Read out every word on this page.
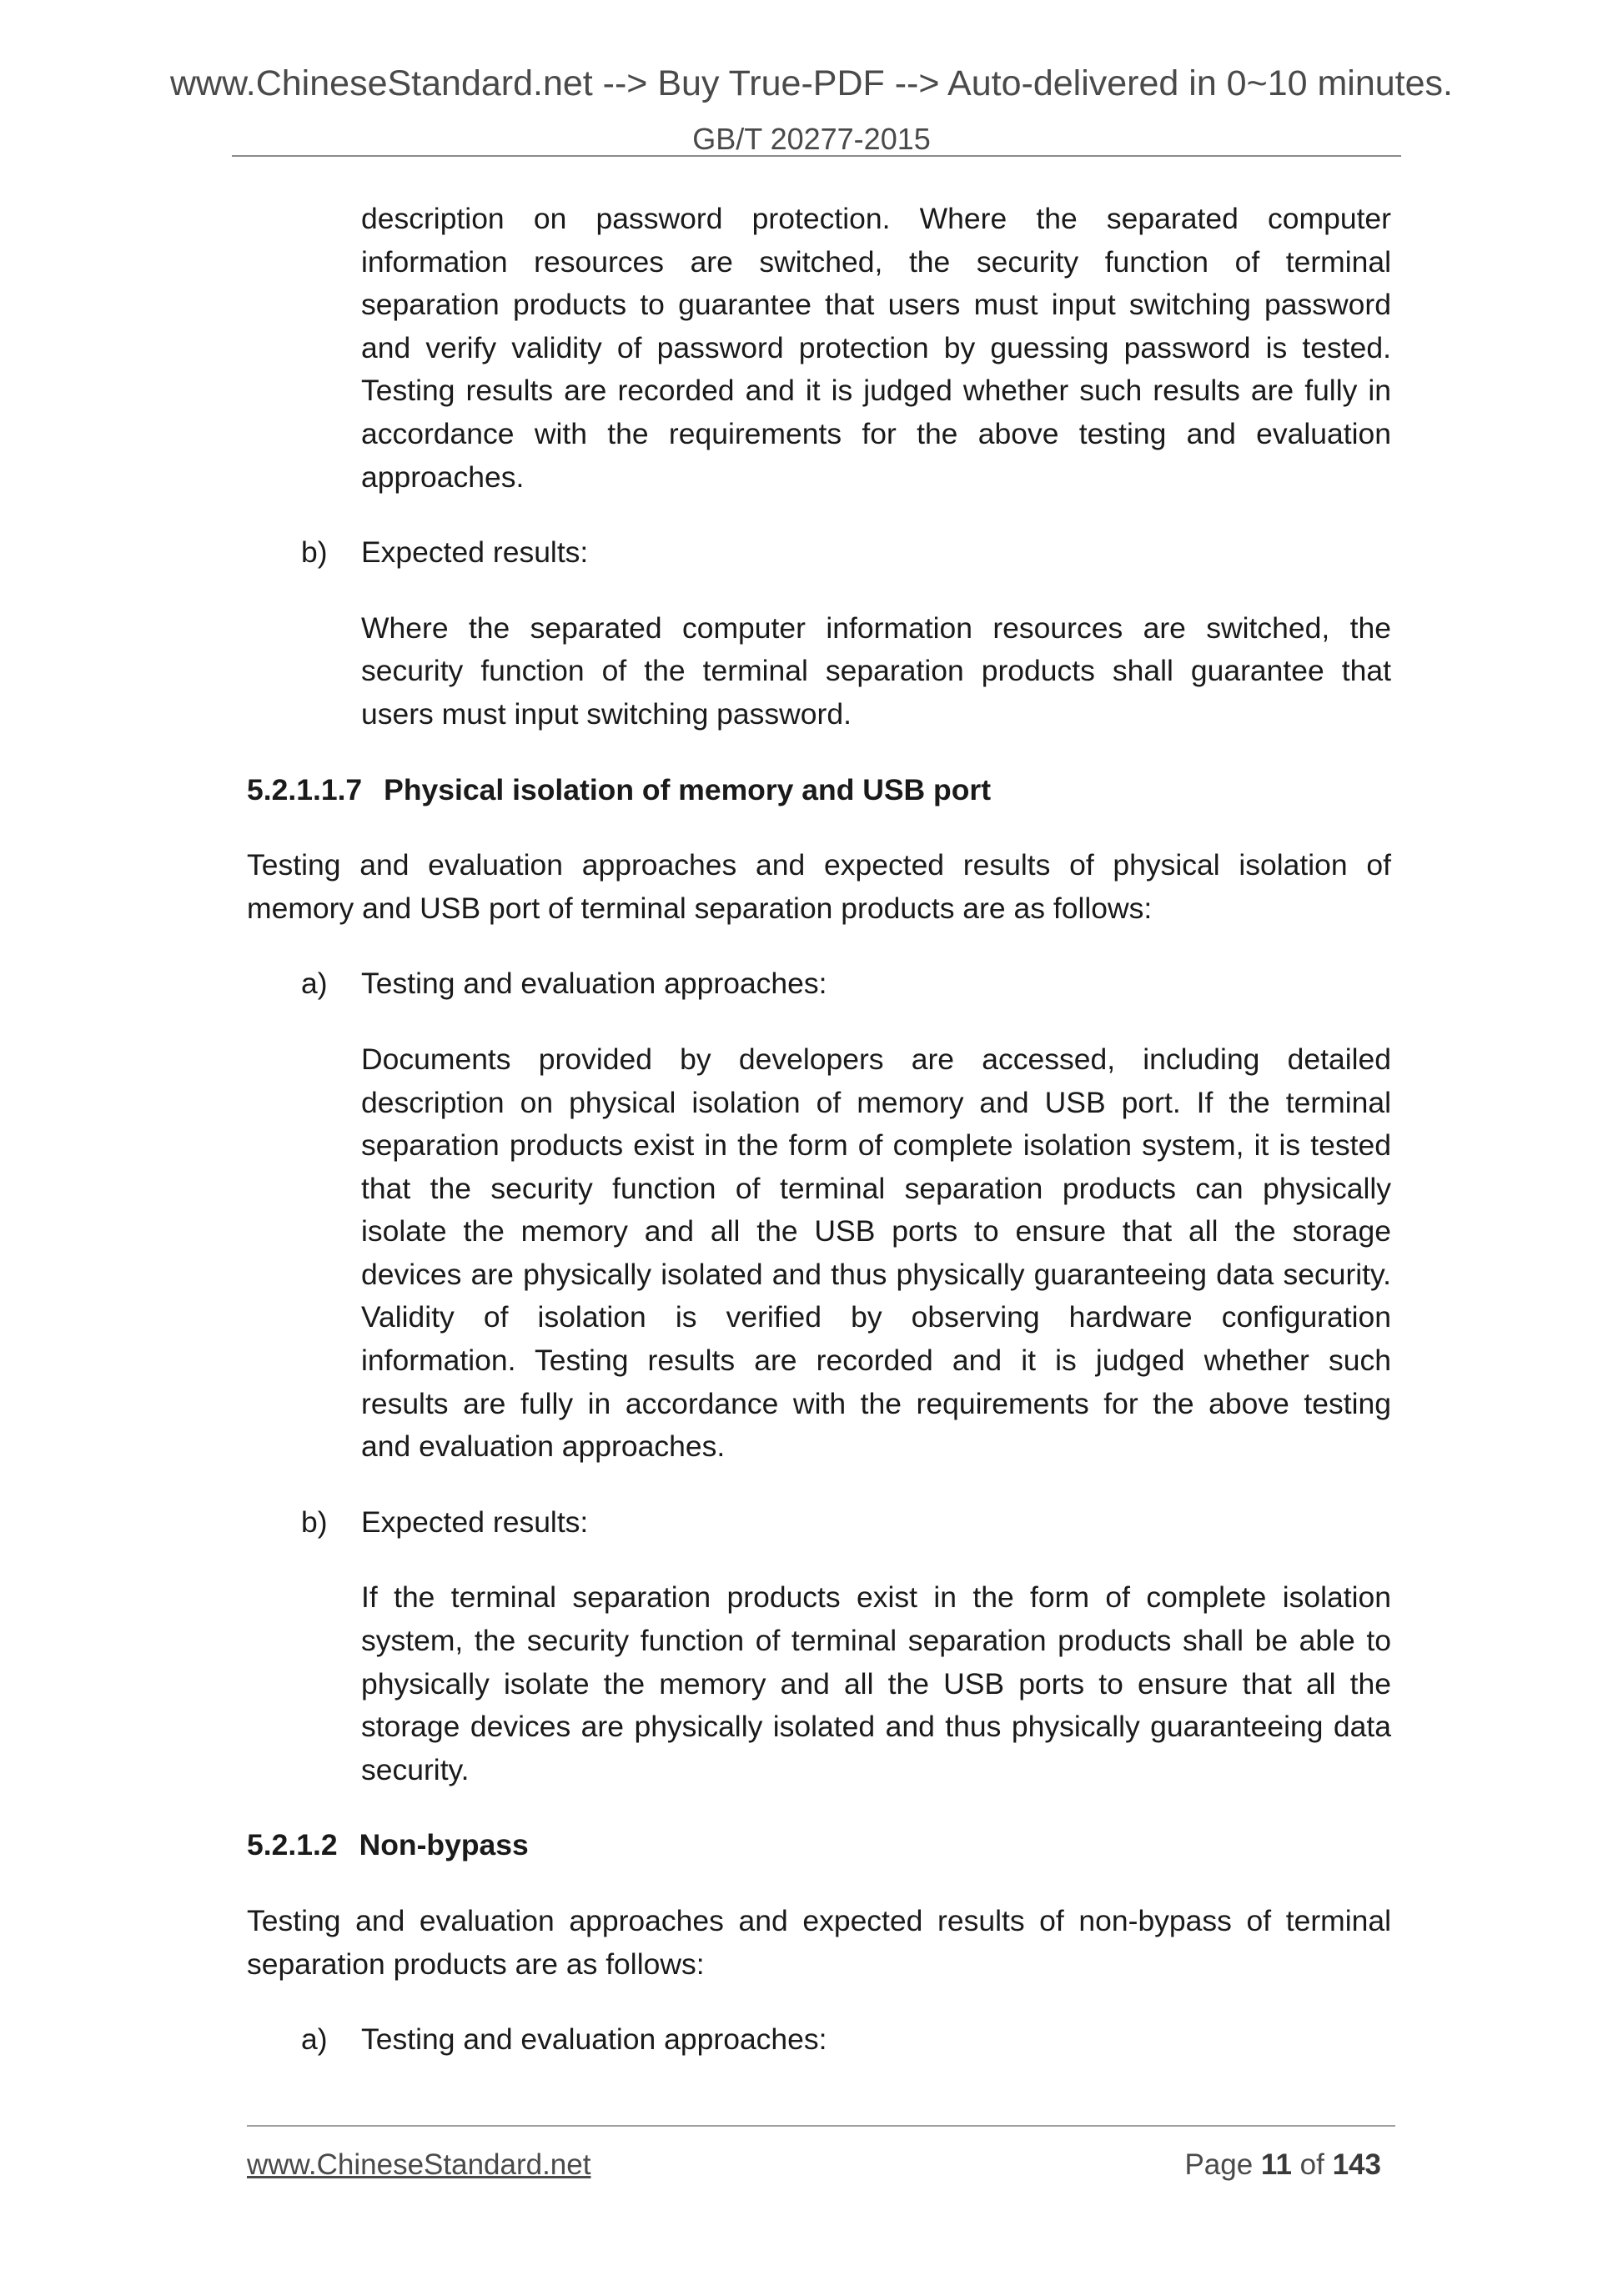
www.ChineseStandard.net --> Buy True-PDF --> Auto-delivered in 0~10 minutes.
GB/T 20277-2015

description on password protection. Where the separated computer

information resources are switched, the security function of terminal

separation products to guarantee that users must input switching password

and verify validity of password protection by guessing password is tested.

Testing results are recorded and it is judged whether such results are fully in

accordance with the requirements for the above testing and evaluation

approaches.

b) Expected results:

Where the separated computer information resources are switched, the

security function of the terminal separation products shall guarantee that

users must input switching password.

5.2.1.1.7 Physical isolation of memory and USB port

Testing and evaluation approaches and expected results of physical isolation of

memory and USB port of terminal separation products are as follows:

a) Testing and evaluation approaches:

Documents provided by developers are accessed, including detailed

description on physical isolation of memory and USB port. If the terminal

separation products exist in the form of complete isolation system, it is tested

that the security function of terminal separation products can physically

isolate the memory and all the USB ports to ensure that all the storage

devices are physically isolated and thus physically guaranteeing data security.

Validity of isolation is verified by observing hardware configuration

information. Testing results are recorded and it is judged whether such

results are fully in accordance with the requirements for the above testing

and evaluation approaches.

b) Expected results:

If the terminal separation products exist in the form of complete isolation

system, the security function of terminal separation products shall be able to

physically isolate the memory and all the USB ports to ensure that all the

storage devices are physically isolated and thus physically guaranteeing data

security.

5.2.1.2 Non-bypass

Testing and evaluation approaches and expected results of non-bypass of terminal

separation products are as follows:

a) Testing and evaluation approaches:
www.ChineseStandard.net	Page 11 of 143
